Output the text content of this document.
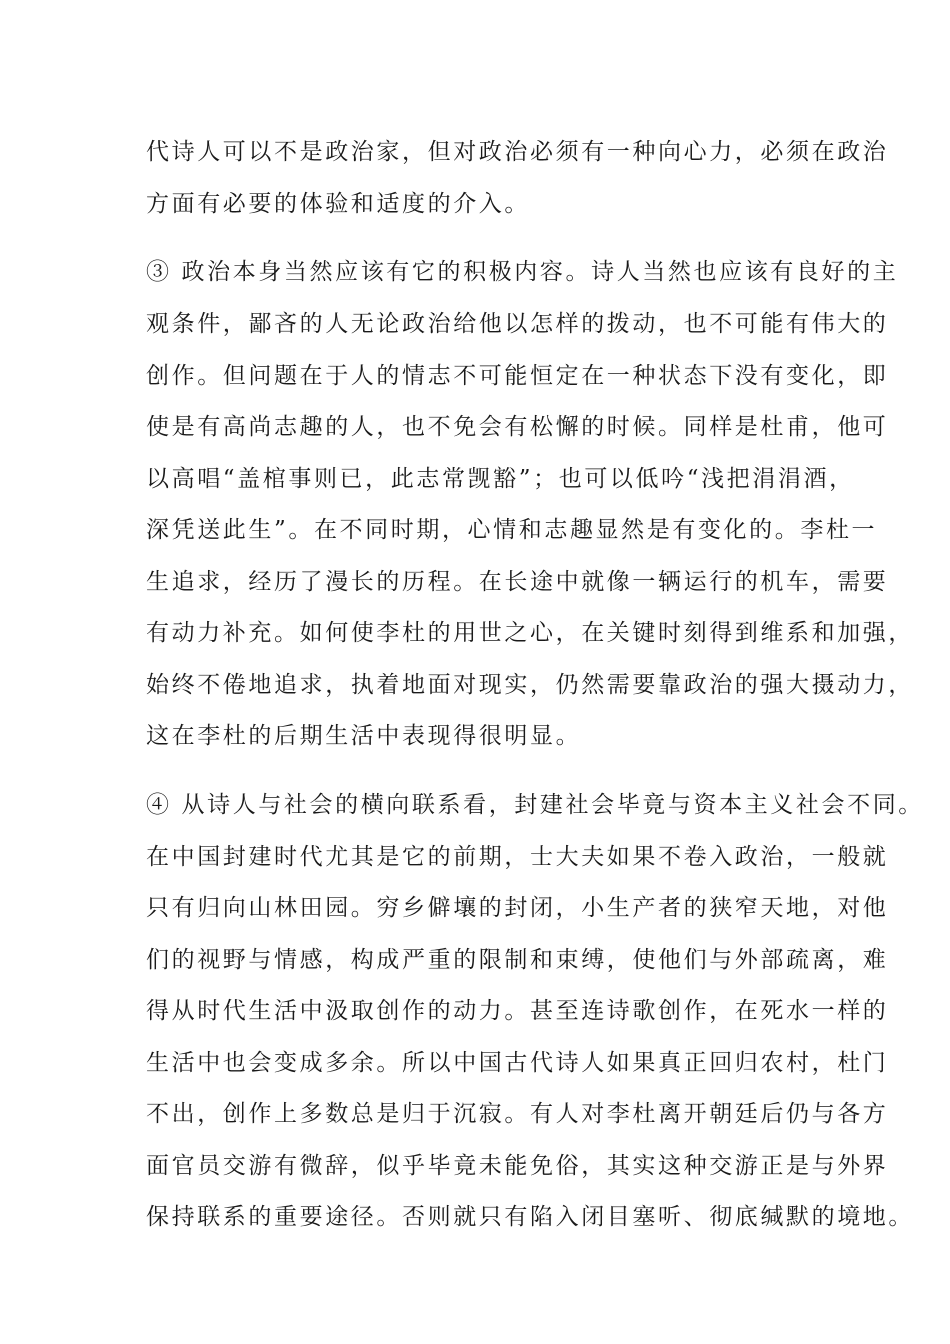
代诗人可以不是政治家，但对政治必须有一种向心力，必须在政治
方面有必要的体验和适度的介入。
③ 政治本身当然应该有它的积极内容。诗人当然也应该有良好的主
观条件，鄙吝的人无论政治给他以怎样的拨动，也不可能有伟大的
创作。但问题在于人的情志不可能恒定在一种状态下没有变化，即
使是有高尚志趣的人，也不免会有松懈的时候。同样是杜甫，他可
以高唱“盖棺事则已，此志常觊豁”；也可以低吟“浅把涓涓酒，
深凭送此生”。在不同时期，心情和志趣显然是有变化的。李杜一
生追求，经历了漫长的历程。在长途中就像一辆运行的机车，需要
有动力补充。如何使李杜的用世之心，在关键时刻得到维系和加强，
始终不倦地追求，执着地面对现实，仍然需要靠政治的强大摄动力，
这在李杜的后期生活中表现得很明显。
④ 从诗人与社会的横向联系看，封建社会毕竟与资本主义社会不同。
在中国封建时代尤其是它的前期，士大夫如果不卷入政治，一般就
只有归向山林田园。穷乡僻壤的封闭，小生产者的狭窄天地，对他
们的视野与情感，构成严重的限制和束缚，使他们与外部疏离，难
得从时代生活中汲取创作的动力。甚至连诗歌创作，在死水一样的
生活中也会变成多余。所以中国古代诗人如果真正回归农村，杜门
不出，创作上多数总是归于沉寂。有人对李杜离开朝廷后仍与各方
面官员交游有微辞，似乎毕竟未能免俗，其实这种交游正是与外界
保持联系的重要途径。否则就只有陷入闭目塞听、彻底缄默的境地。
